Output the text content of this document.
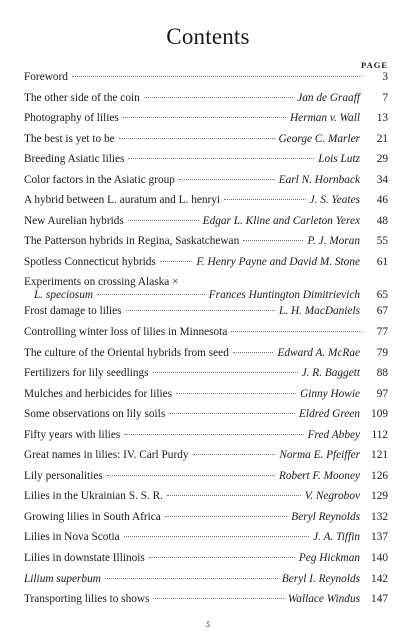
Contents
PAGE
Foreword	3
The other side of the coin	Jan de Graaff	7
Photography of lilies	Herman v. Wall	13
The best is yet to be	George C. Marler	21
Breeding Asiatic lilies	Lois Lutz	29
Color factors in the Asiatic group	Earl N. Hornback	34
A hybrid between L. auratum and L. henryi	J. S. Yeates	46
New Aurelian hybrids	Edgar L. Kline and Carleton Yerex	48
The Patterson hybrids in Regina, Saskatchewan	P. J. Moran	55
Spotless Connecticut hybrids	F. Henry Payne and David M. Stone	61
Experiments on crossing Alaska ×
L. speciosum	Frances Huntington Dimitrievich	65
Frost damage to lilies	L. H. MacDaniels	67
Controlling winter loss of lilies in Minnesota	77
The culture of the Oriental hybrids from seed	Edward A. McRae	79
Fertilizers for lily seedlings	J. R. Baggett	88
Mulches and herbicides for lilies	Ginny Howie	97
Some observations on lily soils	Eldred Green 109
Fifty years with lilies	Fred Abbey	112
Great names in lilies: IV. Carl Purdy	Norma E. Pfeiffer 121
Lily personalities	Robert F. Mooney 126
Lilies in the Ukrainian S. S. R.	V. Negrobov 129
Growing lilies in South Africa	Beryl Reynolds 132
Lilies in Nova Scotia	J. A. Tiffin 137
Lilies in downstate Illinois	Peg Hickman 140
Lilium superbum	Beryl I. Reynolds 142
Transporting lilies to shows	Wallace Windus 147
5
